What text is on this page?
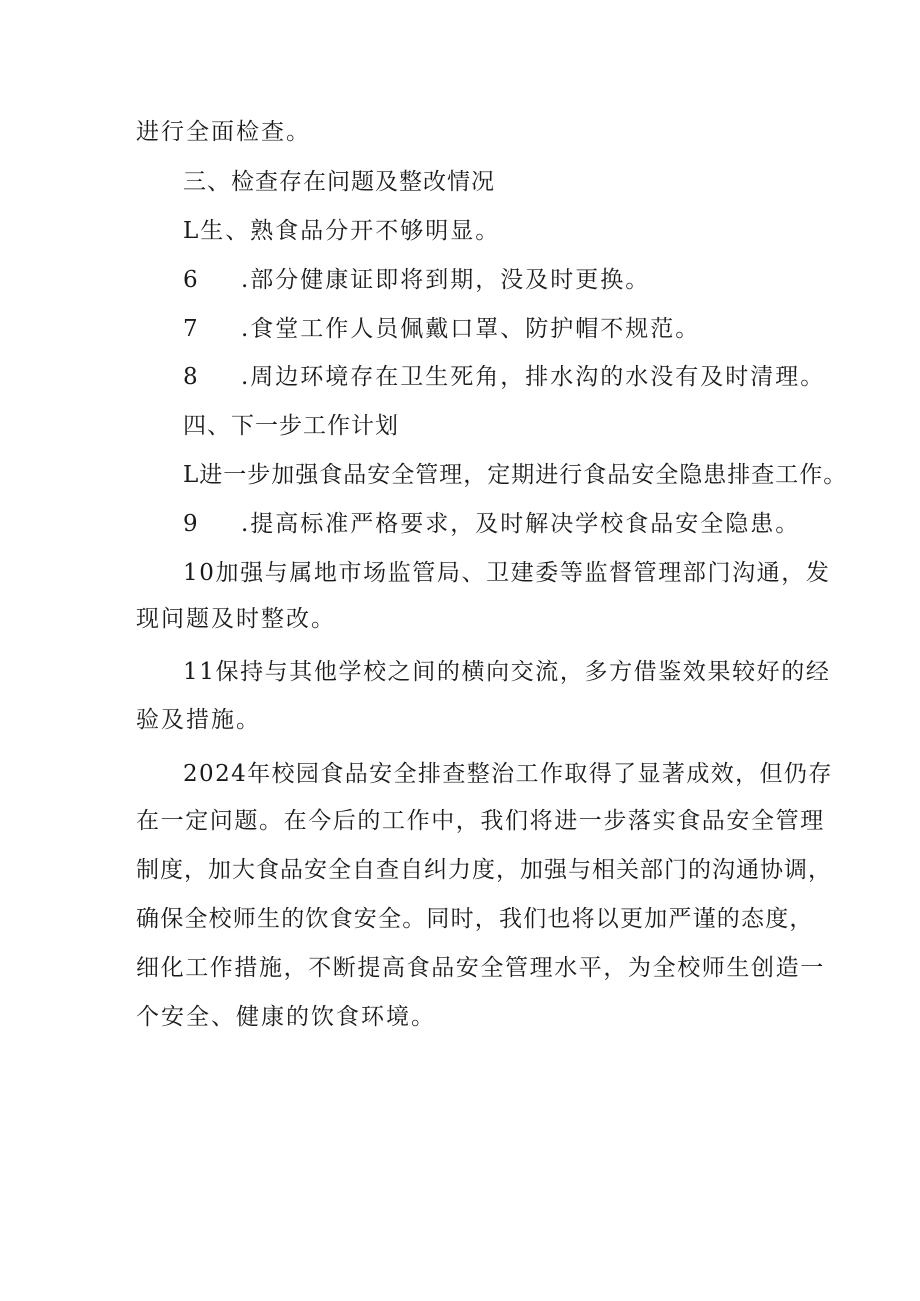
进行全面检查。
三、检查存在问题及整改情况
L生、熟食品分开不够明显。
6 .部分健康证即将到期，没及时更换。
7 .食堂工作人员佩戴口罩、防护帽不规范。
8 .周边环境存在卫生死角，排水沟的水没有及时清理。
四、下一步工作计划
L进一步加强食品安全管理，定期进行食品安全隐患排查工作。
9 .提高标准严格要求，及时解决学校食品安全隐患。
10加强与属地市场监管局、卫建委等监督管理部门沟通，发
现问题及时整改。
11保持与其他学校之间的横向交流，多方借鉴效果较好的经
验及措施。
2024年校园食品安全排查整治工作取得了显著成效，但仍存
在一定问题。在今后的工作中，我们将进一步落实食品安全管理
制度，加大食品安全自查自纠力度，加强与相关部门的沟通协调，
确保全校师生的饮食安全。同时，我们也将以更加严谨的态度，
细化工作措施，不断提高食品安全管理水平，为全校师生创造一
个安全、健康的饮食环境。
